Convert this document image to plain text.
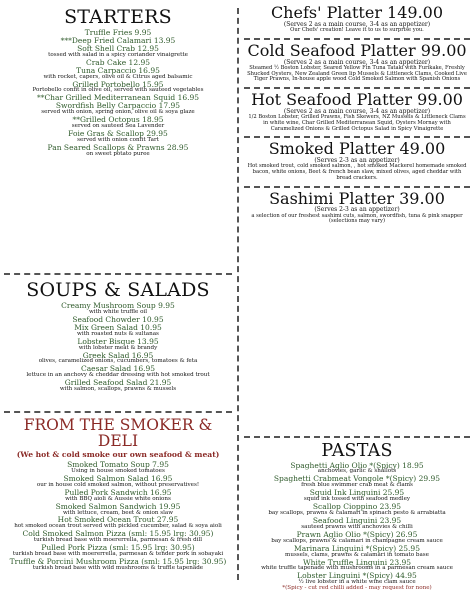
STARTERS
Truffle Fries 9.95
***Deep Fried Calamari 13.95
Soft Shell Crab 12.95
tossed with salad in a spicy coriander vinaigrette
Crab Cake 12.95
Tuna Carpaccio 16.95
with rocket, capers, olive oil & Citrus aged balsamic
Grilled Portobello 15.95
Portobello confit in olive oil, served with sauteed vegetables
**Char Grilled Mediterranean Squid 16.95
Swordfish Belly Carpaccio 17.95
served with onion, spring onion, olive oil & soya glaze
**Grilled Octopus 18.95
served on sauteed Sea Lavender
Foie Gras & Scallop 29.95
served with onion confit Tart
Pan Seared Scallops & Prawns 28.95
on sweet potato puree
SOUPS & SALADS
Creamy Mushroom Soup 9.95
with white truffle oil
Seafood Chowder 10.95
Mix Green Salad 10.95
with roasted nuts & sultanas
Lobster Bisque 13.95
with lobster meat & brandy
Greek Salad 16.95
olives, caramelized onions, cucumbers, tomatoes & feta
Caesar Salad 16.95
lettuce in an anchovy & cheddar dressing with hot smoked trout
Grilled Seafood Salad 21.95
with salmon, scallops, prawns & mussels
FROM THE SMOKER & DELI
(We hot & cold smoke our own seafood & meat)
Smoked Tomato Soup 7.95
Using in house smoked tomatoes
Smoked Salmon Salad 16.95
our in house cold smoked salmon, without preservatives!
Pulled Pork Sandwich 16.95
with BBQ aioli & Aussie white onions
Smoked Salmon Sandwich 19.95
with lettuce, cream, beet & onion slaw
Hot Smoked Ocean Trout 27.95
hot smoked ocean trout served with pickled cucumber, salad & soya aioli
Cold Smoked Salmon Pizza (sml: 15.95 lrg: 30.95)
turkish bread base with moererrella, parmesan & fresh dill
Pulled Pork Pizza (sml: 15.95 lrg: 30.95)
turkish bread base with moererrella, parmesan & tender pork in sobayaki
Truffle & Porcini Mushroom Pizza (sml: 15.95 lrg: 30.95)
turkish bread base with wild mushrooms & truffle tapenade
Chefs' Platter 149.00
(Serves 2 as a main course, 3-4 as an appetizer)
Our Chefs' creation! Leave it to us to surprise you.
Cold Seafood Platter 99.00
(Serves 2 as a main course, 3-4 as an appetizer)
Steamed ½ Boston Lobster, Seared Yellow Fin Tuna Tataki with Furikake, Freshly Shucked Oysters, New Zealand Green lip Mussels & Littleneck Clams, Cooked Live Tiger Prawns, In-house apple wood Cold Smoked Salmon with Spanish Onions
Hot Seafood Platter 99.00
(Serves 2 as a main course, 3-4 as an appetizer)
1/2 Boston Lobster, Grilled Prawns, Fish Skewers, NZ Mussels & Littleneck Clams in white wine, Char Grilled Mediterranean Squid, Oysters Mornay with Caramelized Onions & Grilled Octopus Salad in Spicy Vinaigrette
Smoked Platter 49.00
(Serves 2-3 as an appetizer)
Hot smoked trout, cold smoked salmon, , hot smoked Mackerel homemade smoked bacon, white onions, Beet & french bean slaw, mixed olives, aged cheddar with bread crackers.
Sashimi Platter 39.00
(Serves 2-3 as an appetizer)
a selection of our freshest sashimi cuts, salmon, swordfish, tuna & pink snapper (selections may vary)
PASTAS
Spaghetti Aglio Olio *(Spicy) 18.95
anchovies, garlic & shallots
Spaghetti Crabmeat Vongole *(Spicy) 29.95
fresh blue swimmer crab meat & clams
Squid Ink Linguini 25.95
squid ink tossed with seafood medley
Scallop Cioppino 23.95
bay scallops, prawns & calamari in spinach pesto & arrabiatta
Seafood Linguini 23.95
sauteed prawns with anchovies & chilli
Prawn Aglio Olio *(Spicy) 26.95
bay scallops, prawns & calamari in champagne cream sauce
Marinara Linguini *(Spicy) 25.95
mussels, clams, prawns & calamari in tomato base
White Truffle Linguini 23.95
white truffle tapenade with mushrooms in a parmesan cream sauce
Lobster Linguini *(Spicy) 44.95
½ live lobster in a white wine clam sauce
*(Spicy - cut red chilli added - may request for none)
